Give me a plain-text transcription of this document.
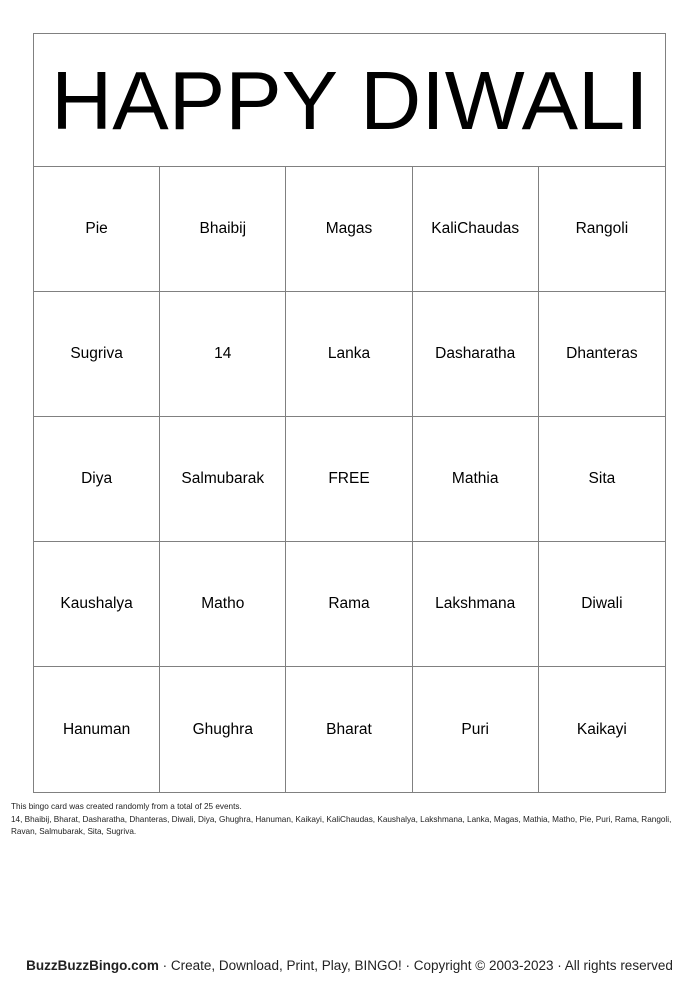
HAPPY DIWALI
Pie	Bhaibij	Magas	KaliChaudas	Rangoli
Sugriva	14	Lanka	Dasharatha	Dhanteras
Diya	Salmubarak	FREE	Mathia	Sita
Kaushalya	Matho	Rama	Lakshmana	Diwali
Hanuman	Ghughra	Bharat	Puri	Kaikayi
This bingo card was created randomly from a total of 25 events.
14, Bhaibij, Bharat, Dasharatha, Dhanteras, Diwali, Diya, Ghughra, Hanuman, Kaikayi, KaliChaudas, Kaushalya, Lakshmana, Lanka, Magas, Mathia, Matho, Pie, Puri, Rama, Rangoli, Ravan, Salmubarak, Sita, Sugriva.
BuzzBuzzBingo.com · Create, Download, Print, Play, BINGO! · Copyright © 2003-2023 · All rights reserved
